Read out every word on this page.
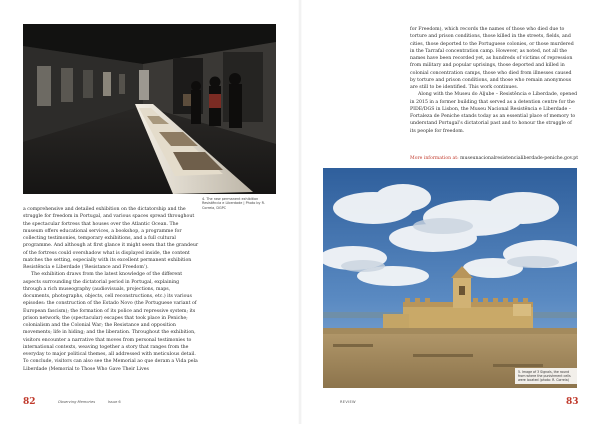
4. The new permanent exhibition Resistência e Liberdade | Photo by R. Correia, DGPC

a comprehensive and detailed exhibition on the dictatorship and the struggle for freedom in Portugal, and various spaces spread throughout the spectacular fortress that houses over the Atlantic Ocean. The museum offers educational services, a bookshop, a programme for collecting testimonies, temporary exhibitions, and a full cultural programme. And although at first glance it might seem that the grandeur of the fortress could overshadow what is displayed inside, the content matches the setting, especially with its excellent permanent exhibition Resistência e Liberdade (‘Resistance and Freedom’).

The exhibition draws from the latest knowledge of the different aspects surrounding the dictatorial period in Portugal, explaining through a rich museography (audiovisuals, projections, maps, documents, photographs, objects, cell reconstructions, etc.) its various episodes: the construction of the Estado Novo (the Portuguese variant of European fascism); the formation of its police and repressive system; its prison network; the (spectacular) escapes that took place in Peniche; colonialism and the Colonial War; the Resistance and opposition movements; life in hiding; and the liberation. Throughout the exhibition, visitors encounter a narrative that moves from personal testimonies to international contexts, weaving together a story that ranges from the everyday to major political themes, all addressed with meticulous detail. To conclude, visitors can also see the Memorial ao que deram a Vida pela Liberdade (Memorial to Those Who Gave Their Lives

82	Observing Memories	Issue 6

for Freedom), which records the names of those who died due to torture and prison conditions, those killed in the streets, fields, and cities, those deported to the Portuguese colonies, or those murdered in the Tarrafal concentration camp. However, as noted, not all the names have been recorded yet, as hundreds of victims of repression from military and popular uprisings, those deported and killed in colonial concentration camps, those who died from illnesses caused by torture and prison conditions, and those who remain anonymous are still to be identified. This work continues.

Along with the Museu do Aljube – Resistência e Liberdade, opened in 2015 in a former building that served as a detention centre for the PIDE/DGS in Lisbon, the Museu Nacional Resistência e Liberdade – Fortaleza de Peniche stands today as an essential place of memory to understand Portugal’s dictatorial past and to honour the struggle of its people for freedom.

More information at: museunacionalresistencialiberdade-peniche.gov.pt
5. Image of 3 Signals, the round from where the punishment cells were located (photo: R. Correia)
REVIEW	83
